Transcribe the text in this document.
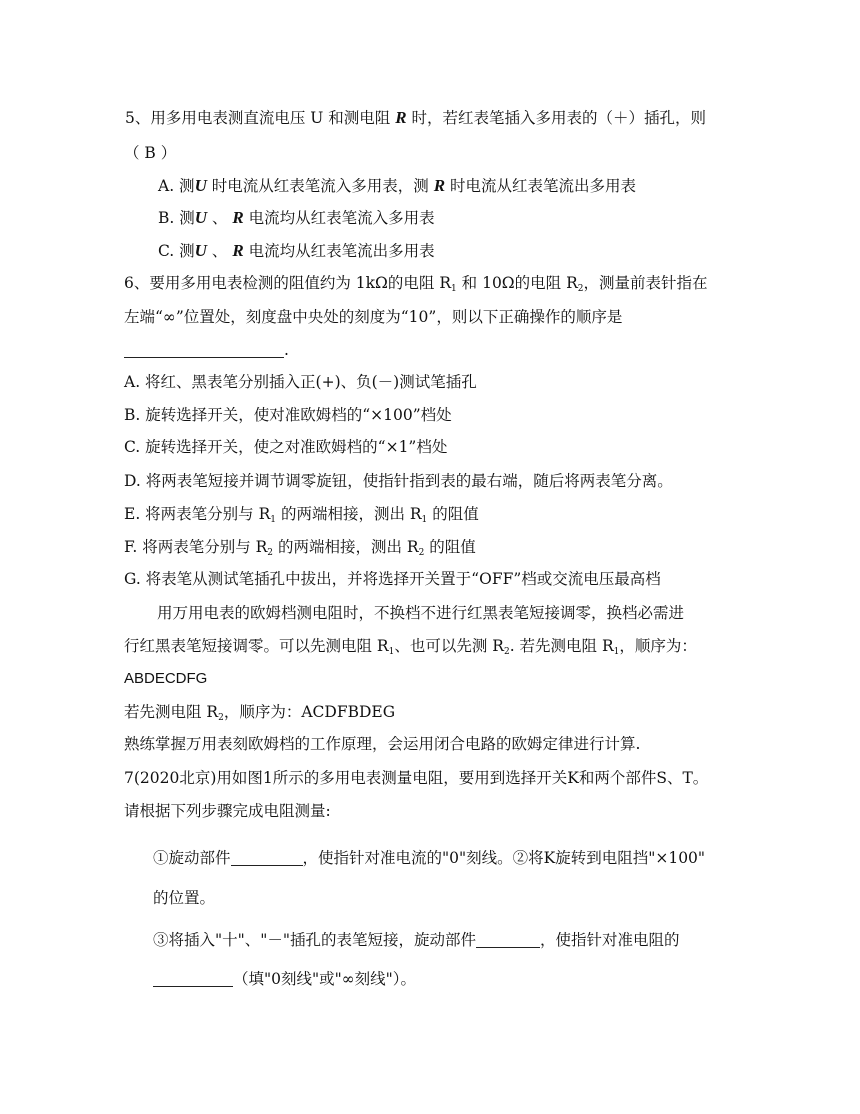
5、用多用电表测直流电压 U 和测电阻 R 时，若红表笔插入多用表的（＋）插孔，则
（ B ）
A. 测U 时电流从红表笔流入多用表，测 R 时电流从红表笔流出多用表
B. 测U 、 R 电流均从红表笔流入多用表
C. 测U 、 R 电流均从红表笔流出多用表
6、要用多用电表检测的阻值约为 1kΩ的电阻 $R_1$ 和 10Ω的电阻 $R_2$，测量前表针指在
左端“∞”位置处，刻度盘中央处的刻度为“10”，则以下正确操作的顺序是
.
A. 将红、黑表笔分别插入正(+)、负(－)测试笔插孔
B. 旋转选择开关，使对准欧姆档的“×100”档处
C. 旋转选择开关，使之对准欧姆档的“×1”档处
D. 将两表笔短接并调节调零旋钮，使指针指到表的最右端，随后将两表笔分离。
E. 将两表笔分别与 $R_1$ 的两端相接，测出 $R_1$ 的阻值
F. 将两表笔分别与 $R_2$ 的两端相接，测出 $R_2$ 的阻值
G. 将表笔从测试笔插孔中拔出，并将选择开关置于“OFF”档或交流电压最高档
用万用电表的欧姆档测电阻时，不换档不进行红黑表笔短接调零，换档必需进
行红黑表笔短接调零。可以先测电阻 $R_1$、也可以先测 $R_2$. 若先测电阻 $R_1$，顺序为：
ABDECDFG
若先测电阻 $R_2$，顺序为：ACDFBDEG
熟练掌握万用表刻欧姆档的工作原理，会运用闭合电路的欧姆定律进行计算.
7(2020北京)用如图1所示的多用电表测量电阻，要用到选择开关K和两个部件S、T。
请根据下列步骤完成电阻测量:
①旋动部件	，使指针对准电流的"0"刻线。②将K旋转到电阻挡"×100"
的位置。
③将插入"十"、"－"插孔的表笔短接，旋动部件	，使指针对准电阻的
（填"0刻线"或"∞刻线"）。
